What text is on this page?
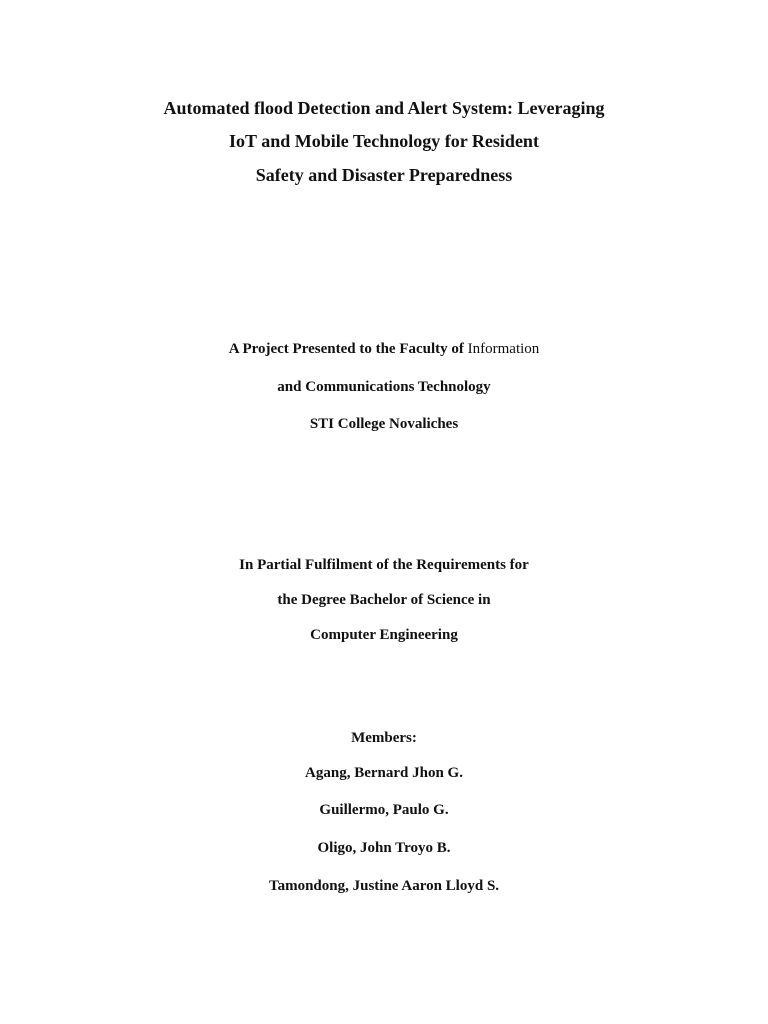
Automated flood Detection and Alert System: Leveraging
IoT and Mobile Technology for Resident
Safety and Disaster Preparedness
A Project Presented to the Faculty of Information
and Communications Technology
STI College Novaliches
In Partial Fulfilment of the Requirements for
the Degree Bachelor of Science in
Computer Engineering
Members:
Agang, Bernard Jhon G.
Guillermo, Paulo G.
Oligo, John Troyo B.
Tamondong, Justine Aaron Lloyd S.
